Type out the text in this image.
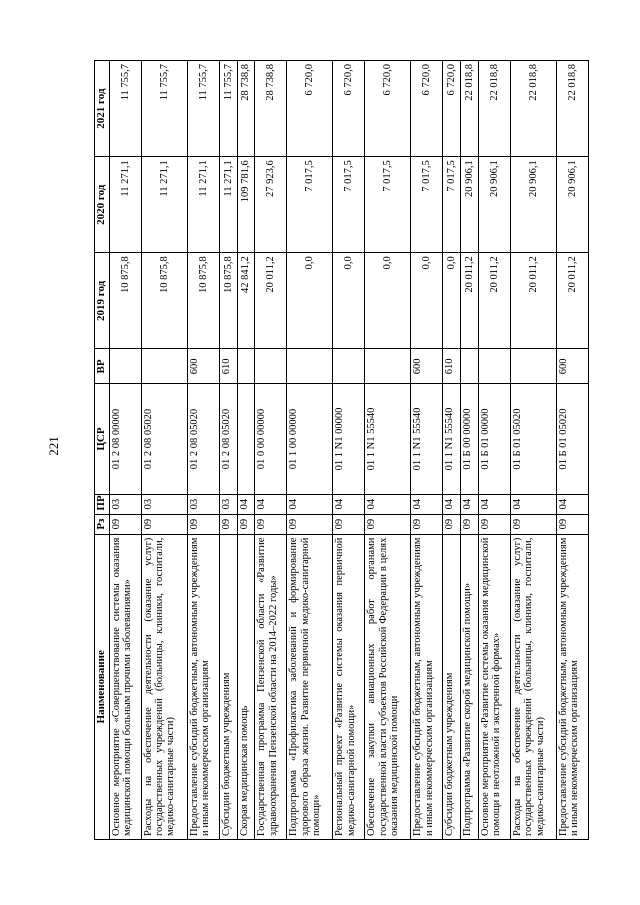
221
Наименование	Рз	ПР	ЦСР	ВР	2019 год	2020 год	2021 год
Основное мероприятие «Совершенствование системы оказания медицинской помощи больным прочими заболеваниями»	09	03	01 2 08 00000		10 875,8	11 271,1	11 755,7
Расходы на обеспечение деятельности (оказание услуг) государственных учреждений (больницы, клиники, госпитали, медико-санитарные части)	09	03	01 2 08 05020		10 875,8	11 271,1	11 755,7
Предоставление субсидий бюджетным, автономным учреждениям и иным некоммерческим организациям	09	03	01 2 08 05020	600	10 875,8	11 271,1	11 755,7
Субсидии бюджетным учреждениям	09	03	01 2 08 05020	610	10 875,8	11 271,1	11 755,7
Скорая медицинская помощь	09	04			42 841,2	109 781,6	28 738,8
Государственная программа Пензенской области «Развитие здравоохранения Пензенской области на 2014–2022 годы»	09	04	01 0 00 00000		20 011,2	27 923,6	28 738,8
Подпрограмма «Профилактика заболеваний и формирование здорового образа жизни. Развитие первичной медико-санитарной помощи»	09	04	01 1 00 00000		0,0	7 017,5	6 720,0
Региональный проект «Развитие системы оказания первичной медико-санитарной помощи»	09	04	01 1 N1 00000		0,0	7 017,5	6 720,0
Обеспечение закупки авиационных работ органами государственной власти субъектов Российской Федерации в целях оказания медицинской помощи	09	04	01 1 N1 55540		0,0	7 017,5	6 720,0
Предоставление субсидий бюджетным, автономным учреждениям и иным некоммерческим организациям	09	04	01 1 N1 55540	600	0,0	7 017,5	6 720,0
Субсидии бюджетным учреждениям	09	04	01 1 N1 55540	610	0,0	7 017,5	6 720,0
Подпрограмма «Развитие скорой медицинской помощи»	09	04	01 Б 00 00000		20 011,2	20 906,1	22 018,8
Основное мероприятие «Развитие системы оказания медицинской помощи в неотложной и экстренной формах»	09	04	01 Б 01 00000		20 011,2	20 906,1	22 018,8
Расходы на обеспечение деятельности (оказание услуг) государственных учреждений (больницы, клиники, госпитали, медико-санитарные части)	09	04	01 Б 01 05020		20 011,2	20 906,1	22 018,8
Предоставление субсидий бюджетным, автономным учреждениям и иным некоммерческим организациям	09	04	01 Б 01 05020	600	20 011,2	20 906,1	22 018,8
